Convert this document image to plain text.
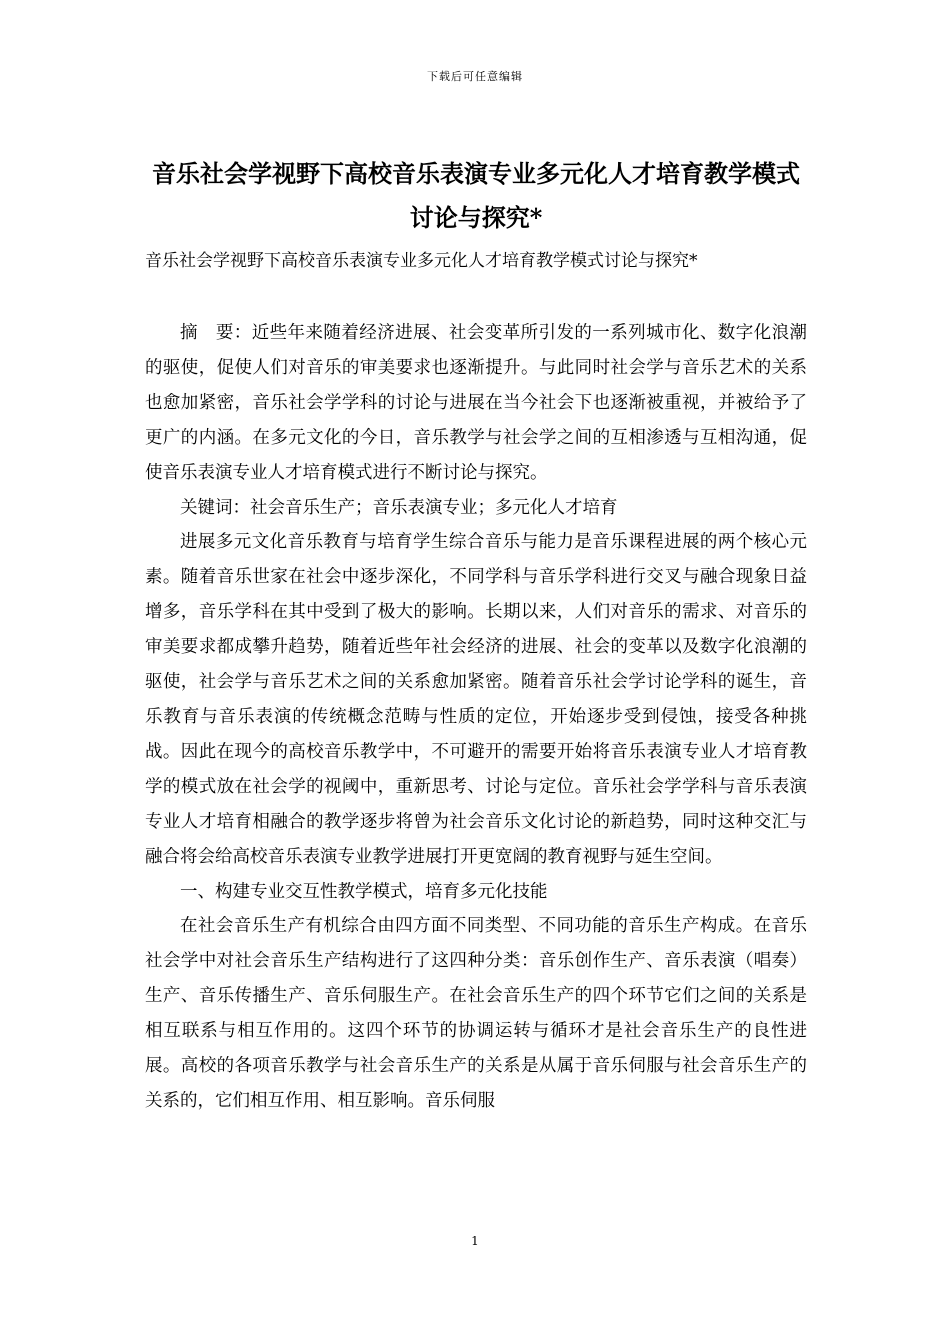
下载后可任意编辑
音乐社会学视野下高校音乐表演专业多元化人才培育教学模式讨论与探究*

音乐社会学视野下高校音乐表演专业多元化人才培育教学模式讨论与探究*

摘　要：近些年来随着经济进展、社会变革所引发的一系列城市化、数字化浪潮的驱使，促使人们对音乐的审美要求也逐渐提升。与此同时社会学与音乐艺术的关系也愈加紧密，音乐社会学学科的讨论与进展在当今社会下也逐渐被重视，并被给予了更广的内涵。在多元文化的今日，音乐教学与社会学之间的互相渗透与互相沟通，促使音乐表演专业人才培育模式进行不断讨论与探究。

关键词：社会音乐生产；音乐表演专业；多元化人才培育

进展多元文化音乐教育与培育学生综合音乐与能力是音乐课程进展的两个核心元素。随着音乐世家在社会中逐步深化，不同学科与音乐学科进行交叉与融合现象日益增多，音乐学科在其中受到了极大的影响。长期以来，人们对音乐的需求、对音乐的审美要求都成攀升趋势，随着近些年社会经济的进展、社会的变革以及数字化浪潮的驱使，社会学与音乐艺术之间的关系愈加紧密。随着音乐社会学讨论学科的诞生，音乐教育与音乐表演的传统概念范畴与性质的定位，开始逐步受到侵蚀，接受各种挑战。因此在现今的高校音乐教学中，不可避开的需要开始将音乐表演专业人才培育教学的模式放在社会学的视阈中，重新思考、讨论与定位。音乐社会学学科与音乐表演专业人才培育相融合的教学逐步将曾为社会音乐文化讨论的新趋势，同时这种交汇与融合将会给高校音乐表演专业教学进展打开更宽阔的教育视野与延生空间。

一、构建专业交互性教学模式，培育多元化技能

在社会音乐生产有机综合由四方面不同类型、不同功能的音乐生产构成。在音乐社会学中对社会音乐生产结构进行了这四种分类：音乐创作生产、音乐表演（唱奏）生产、音乐传播生产、音乐伺服生产。在社会音乐生产的四个环节它们之间的关系是相互联系与相互作用的。这四个环节的协调运转与循环才是社会音乐生产的良性进展。高校的各项音乐教学与社会音乐生产的关系是从属于音乐伺服与社会音乐生产的关系的，它们相互作用、相互影响。音乐伺服

1
